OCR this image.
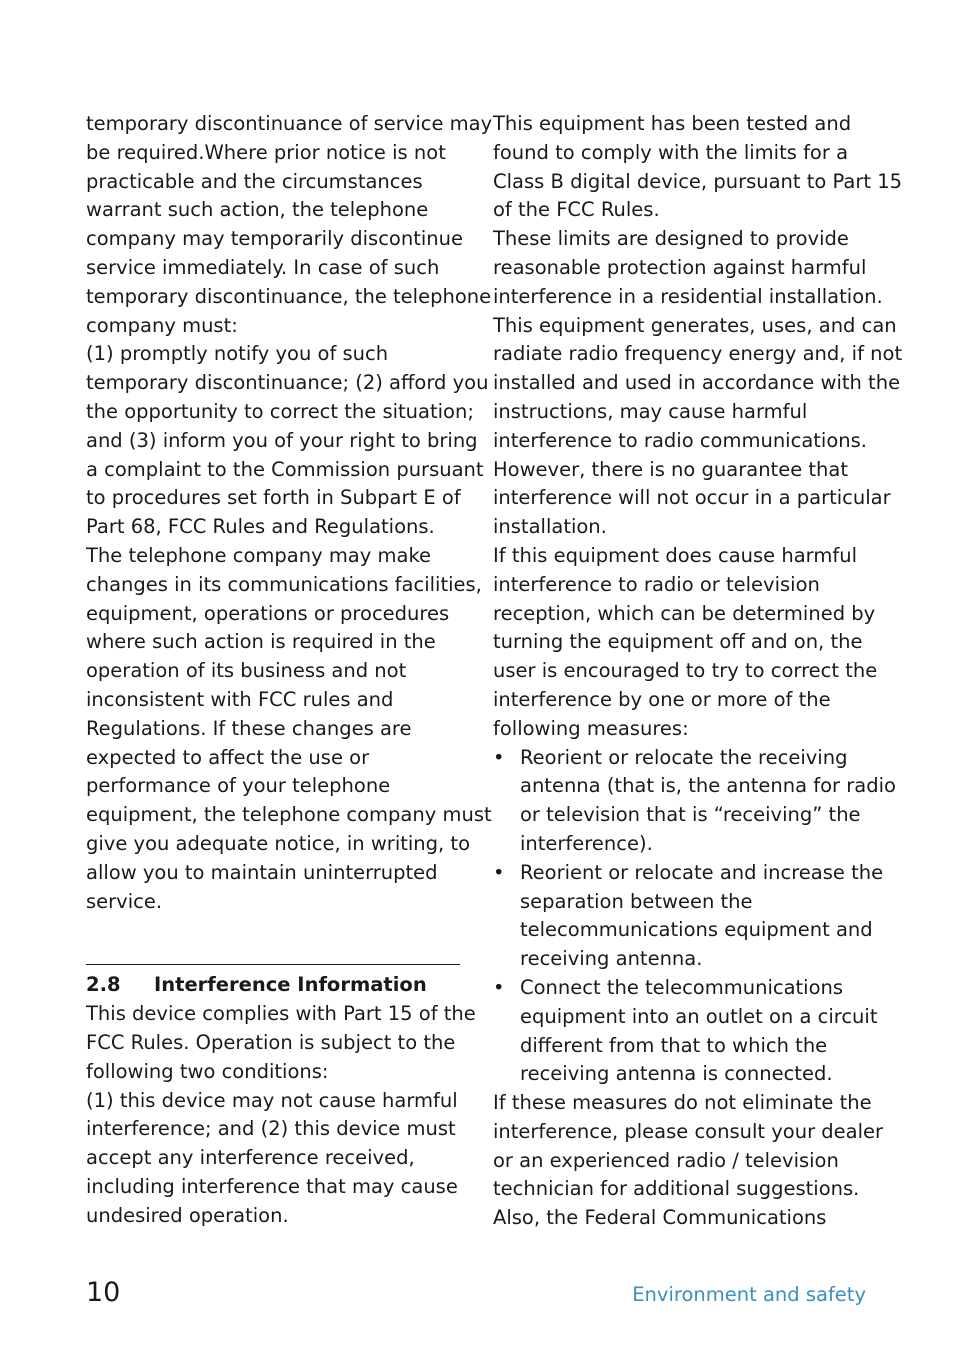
temporary discontinuance of service may
be required.Where prior notice is not
practicable and the circumstances
warrant such action, the telephone
company may temporarily discontinue
service immediately. In case of such
temporary discontinuance, the telephone
company must:
(1) promptly notify you of such
temporary discontinuance; (2) afford you
the opportunity to correct the situation;
and (3) inform you of your right to bring
a complaint to the Commission pursuant
to procedures set forth in Subpart E of
Part 68, FCC Rules and Regulations.
The telephone company may make
changes in its communications facilities,
equipment, operations or procedures
where such action is required in the
operation of its business and not
inconsistent with FCC rules and
Regulations. If these changes are
expected to affect the use or
performance of your telephone
equipment, the telephone company must
give you adequate notice, in writing, to
allow you to maintain uninterrupted
service.
2.8 Interference Information
This device complies with Part 15 of the
FCC Rules. Operation is subject to the
following two conditions:
(1) this device may not cause harmful
interference; and (2) this device must
accept any interference received,
including interference that may cause
undesired operation.
This equipment has been tested and
found to comply with the limits for a
Class B digital device, pursuant to Part 15
of the FCC Rules.
These limits are designed to provide
reasonable protection against harmful
interference in a residential installation.
This equipment generates, uses, and can
radiate radio frequency energy and, if not
installed and used in accordance with the
instructions, may cause harmful
interference to radio communications.
However, there is no guarantee that
interference will not occur in a particular
installation.
If this equipment does cause harmful
interference to radio or television
reception, which can be determined by
turning the equipment off and on, the
user is encouraged to try to correct the
interference by one or more of the
following measures:
• Reorient or relocate the receiving
antenna (that is, the antenna for radio
or television that is “receiving” the
interference).
• Reorient or relocate and increase the
separation between the
telecommunications equipment and
receiving antenna.
• Connect the telecommunications
equipment into an outlet on a circuit
different from that to which the
receiving antenna is connected.
If these measures do not eliminate the
interference, please consult your dealer
or an experienced radio / television
technician for additional suggestions.
Also, the Federal Communications
10	Environment and safety
